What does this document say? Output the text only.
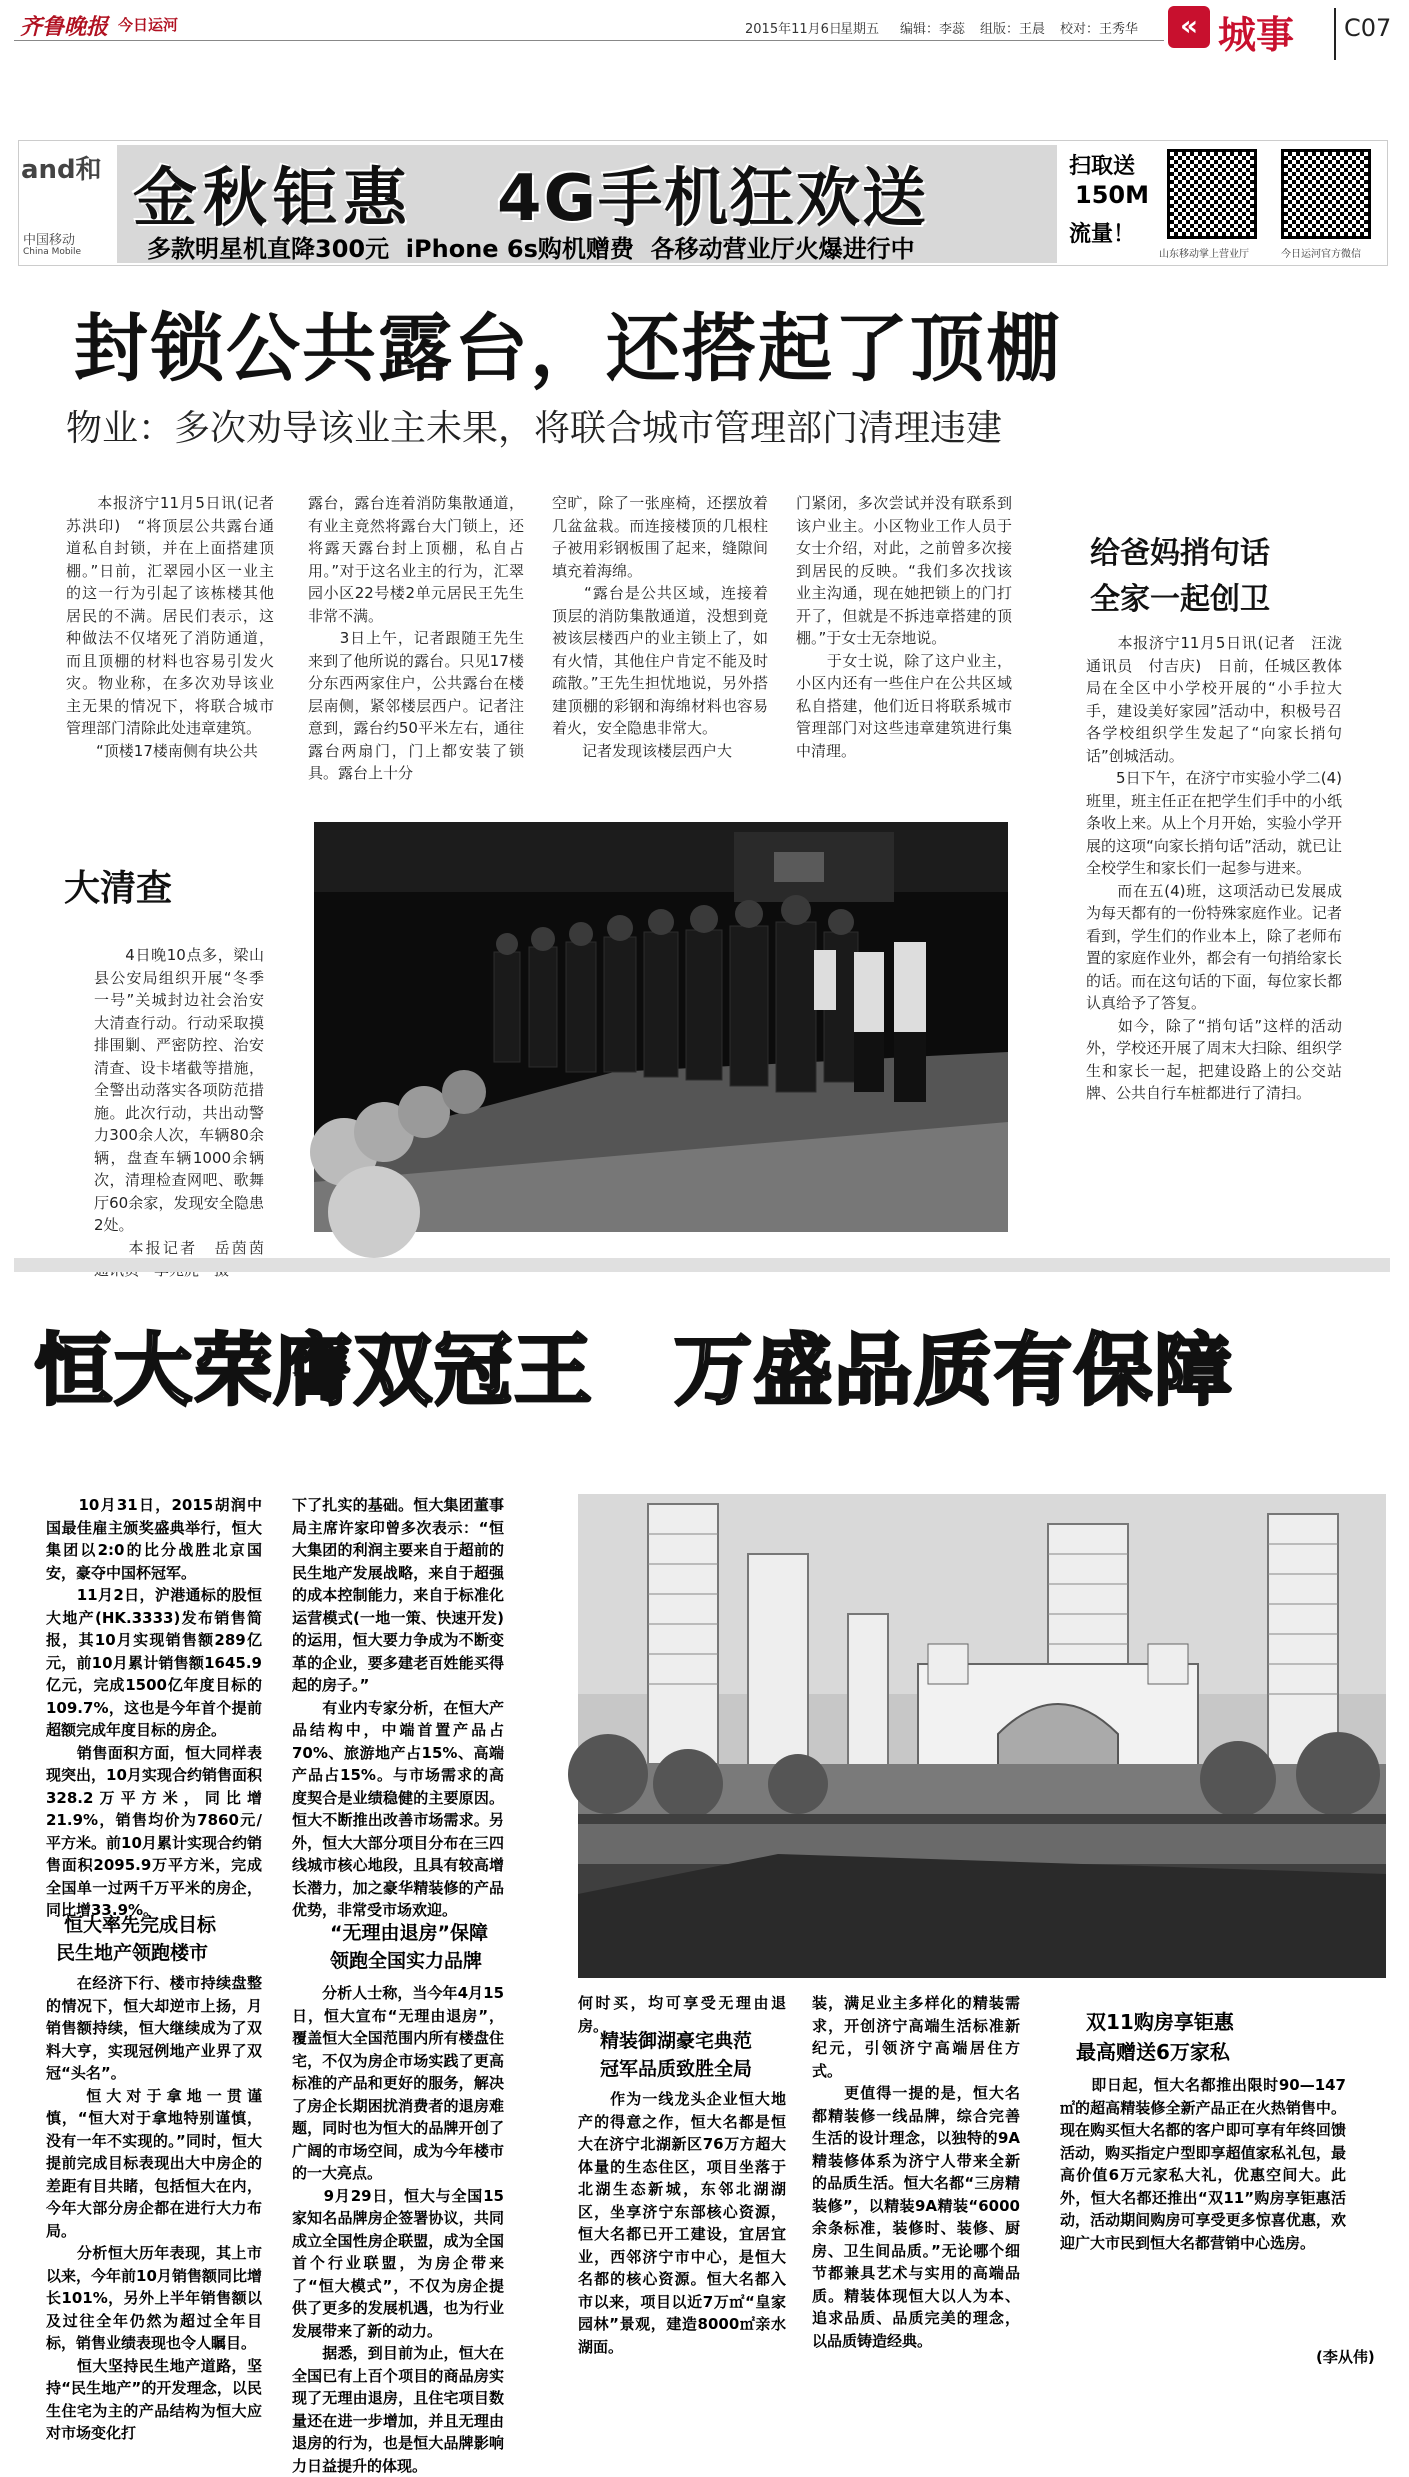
齐鲁晚报 今日运河	2015年11月6日
星期五 编辑：李蕊 组版：王晨 校对：王秀华	« 城事 C07
and和
中国移动
China Mobile
金秋钜惠 4G手机狂欢送
多款明星机直降300元  iPhone 6s购机赠费  各移动营业厅火爆进行中
扫取送
150M
流量！
山东移动掌上营业厅	今日运河官方微信
封锁公共露台，还搭起了顶棚
物业：多次劝导该业主未果，将联合城市管理部门清理违建
　　本报济宁11月5日讯(记者　苏洪印)　“将顶层公共露台通道私自封锁，并在上面搭建顶棚。”日前，汇翠园小区一业主的这一行为引起了该栋楼其他居民的不满。居民们表示，这种做法不仅堵死了消防通道，而且顶棚的材料也容易引发火灾。物业称，在多次劝导该业主无果的情况下，将联合城市管理部门清除此处违章建筑。
　　“顶楼17楼南侧有块公共
露台，露台连着消防集散通道，有业主竟然将露台大门锁上，还将露天露台封上顶棚，私自占用。”对于这名业主的行为，汇翠园小区22号楼2单元居民王先生非常不满。
　　3日上午，记者跟随王先生来到了他所说的露台。只见17楼分东西两家住户，公共露台在楼层南侧，紧邻楼层西户。记者注意到，露台约50平米左右，通往露台两扇门，门上都安装了锁具。露台上十分
空旷，除了一张座椅，还摆放着几盆盆栽。而连接楼顶的几根柱子被用彩钢板围了起来，缝隙间填充着海绵。
　　“露台是公共区域，连接着顶层的消防集散通道，没想到竟被该层楼西户的业主锁上了，如有火情，其他住户肯定不能及时疏散。”王先生担忧地说，另外搭建顶棚的彩钢和海绵材料也容易着火，安全隐患非常大。
　　记者发现该楼层西户大
门紧闭，多次尝试并没有联系到该户业主。小区物业工作人员于女士介绍，对此，之前曾多次接到居民的反映。“我们多次找该业主沟通，现在她把锁上的门打开了，但就是不拆违章搭建的顶棚。”于女士无奈地说。
　　于女士说，除了这户业主，小区内还有一些住户在公共区域私自搭建，他们近日将联系城市管理部门对这些违章建筑进行集中清理。
给爸妈捎句话
全家一起创卫
　　本报济宁11月5日讯(记者　汪泷　通讯员　付吉庆)　日前，任城区教体局在全区中小学校开展的“小手拉大手，建设美好家园”活动中，积极号召各学校组织学生发起了“向家长捎句话”创城活动。
　　5日下午，在济宁市实验小学二(4)班里，班主任正在把学生们手中的小纸条收上来。从上个月开始，实验小学开展的这项“向家长捎句话”活动，就已让全校学生和家长们一起参与进来。
　　而在五(4)班，这项活动已发展成为每天都有的一份特殊家庭作业。记者看到，学生们的作业本上，除了老师布置的家庭作业外，都会有一句捎给家长的话。而在这句话的下面，每位家长都认真给予了答复。
　　如今，除了“捎句话”这样的活动外，学校还开展了周末大扫除、组织学生和家长一起，把建设路上的公交站牌、公共自行车桩都进行了清扫。
大清查
　　4日晚10点多，梁山县公安局组织开展“冬季一号”关城封边社会治安大清查行动。行动采取摸排围剿、严密防控、治安清查、设卡堵截等措施，全警出动落实各项防范措施。此次行动，共出动警力300余人次，车辆80余辆，盘查车辆1000余辆次，清理检查网吧、歌舞厅60余家，发现安全隐患2处。
　　本报记者　岳茵茵　　　
恒大荣膺双冠王　万盛品质有保障
　　10月31日，2015胡润中国最佳雇主颁奖盛典举行，恒大集团以2:0的比分战胜北京国安，豪夺中国杯冠军。
　　11月2日，沪港通标的股恒大地产(HK.3333)发布销售简报，其10月实现销售额289亿元，前10月累计销售额1645.9亿元，完成1500亿年度目标的109.7%，这也是今年首个提前超额完成年度目标的房企。
　　销售面积方面，恒大同样表现突出，10月实现合约销售面积328.2万平方米，同比增21.9%，销售均价为7860元/平方米。前10月累计实现合约销售面积2095.9万平方米，完成全国单一过两千万平米的房企，同比增33.9%。
恒大率先完成目标
民生地产领跑楼市
　　在经济下行、楼市持续盘整的情况下，恒大却逆市上扬，月销售额持续，恒大继续成为了双料大亨，实现冠例地产业界了双冠“头名”。
　　恒大对于拿地一贯谨慎，“恒大对于拿地特别谨慎，没有一年不实现的。”同时，恒大提前完成目标表现出大中房企的差距有目共睹，包括恒大在内，今年大部分房企都在进行大力布局。
　　分析恒大历年表现，其上市以来，今年前10月销售额同比增长101%，另外上半年销售额以及过往全年仍然为超过全年目标，销售业绩表现也令人瞩目。
　　恒大坚持民生地产道路，坚持“民生地产”的开发理念，以民生住宅为主的产品结构为恒大应对市场变化打
下了扎实的基础。恒大集团董事局主席许家印曾多次表示：“恒大集团的利润主要来自于超前的民生地产发展战略，来自于超强的成本控制能力，来自于标准化运营模式(一地一策、快速开发)的运用，恒大要力争成为不断变革的企业，要多建老百姓能买得起的房子。”
　　有业内专家分析，在恒大产品结构中，中端首置产品占70%、旅游地产占15%、高端产品占15%。与市场需求的高度契合是业绩稳健的主要原因。恒大不断推出改善市场需求。另外，恒大大部分项目分布在三四线城市核心地段，且具有较高增长潜力，加之豪华精装修的产品优势，非常受市场欢迎。
“无理由退房”保障
领跑全国实力品牌
　　分析人士称，当今年4月15日，恒大宣布“无理由退房”，覆盖恒大全国范围内所有楼盘住宅，不仅为房企市场实践了更高标准的产品和更好的服务，解决了房企长期困扰消费者的退房难题，同时也为恒大的品牌开创了广阔的市场空间，成为今年楼市的一大亮点。
　　9月29日，恒大与全国15家知名品牌房企签署协议，共同成立全国性房企联盟，成为全国首个行业联盟，为房企带来了“恒大模式”，不仅为房企提供了更多的发展机遇，也为行业发展带来了新的动力。
　　据悉，到目前为止，恒大在全国已有上百个项目的商品房实现了无理由退房，且住宅项目数量还在进一步增加，并且无理由退房的行为，也是恒大品牌影响力日益提升的体现。
何时买，均可享受无理由退房。
精装御湖豪宅典范
冠军品质致胜全局
　　作为一线龙头企业恒大地产的得意之作，恒大名都是恒大在济宁北湖新区76万方超大体量的生态住区，项目坐落于北湖生态新城，东邻北湖湖区，坐享济宁东部核心资源，恒大名都已开工建设，宜居宜业，西邻济宁市中心，是恒大名都的核心资源。恒大名都入市以来，项目以近7万㎡“皇家园林”景观，建造8000㎡亲水湖面。
装，满足业主多样化的精装需求，开创济宁高端生活标准新纪元，引领济宁高端居住方式。
　　更值得一提的是，恒大名都精装修一线品牌，综合完善生活的设计理念，以独特的9A精装修体系为济宁人带来全新的品质生活。恒大名都“三房精装修”，以精装9A精装“6000余条标准，装修时、装修、厨房、卫生间品质。”无论哪个细节都兼具艺术与实用的高端品质。精装体现恒大以人为本、追求品质、品质完美的理念，以品质铸造经典。
双11购房享钜惠
最高赠送6万家私
　　即日起，恒大名都推出限时90—147㎡的超高精装修全新产品正在火热销售中。现在购买恒大名都的客户即可享有年终回馈活动，购买指定户型即享超值家私礼包，最高价值6万元家私大礼，优惠空间大。此外，恒大名都还推出“双11”购房享钜惠活动，活动期间购房可享受更多惊喜优惠，欢迎广大市民到恒大名都营销中心选房。
(李从伟)
